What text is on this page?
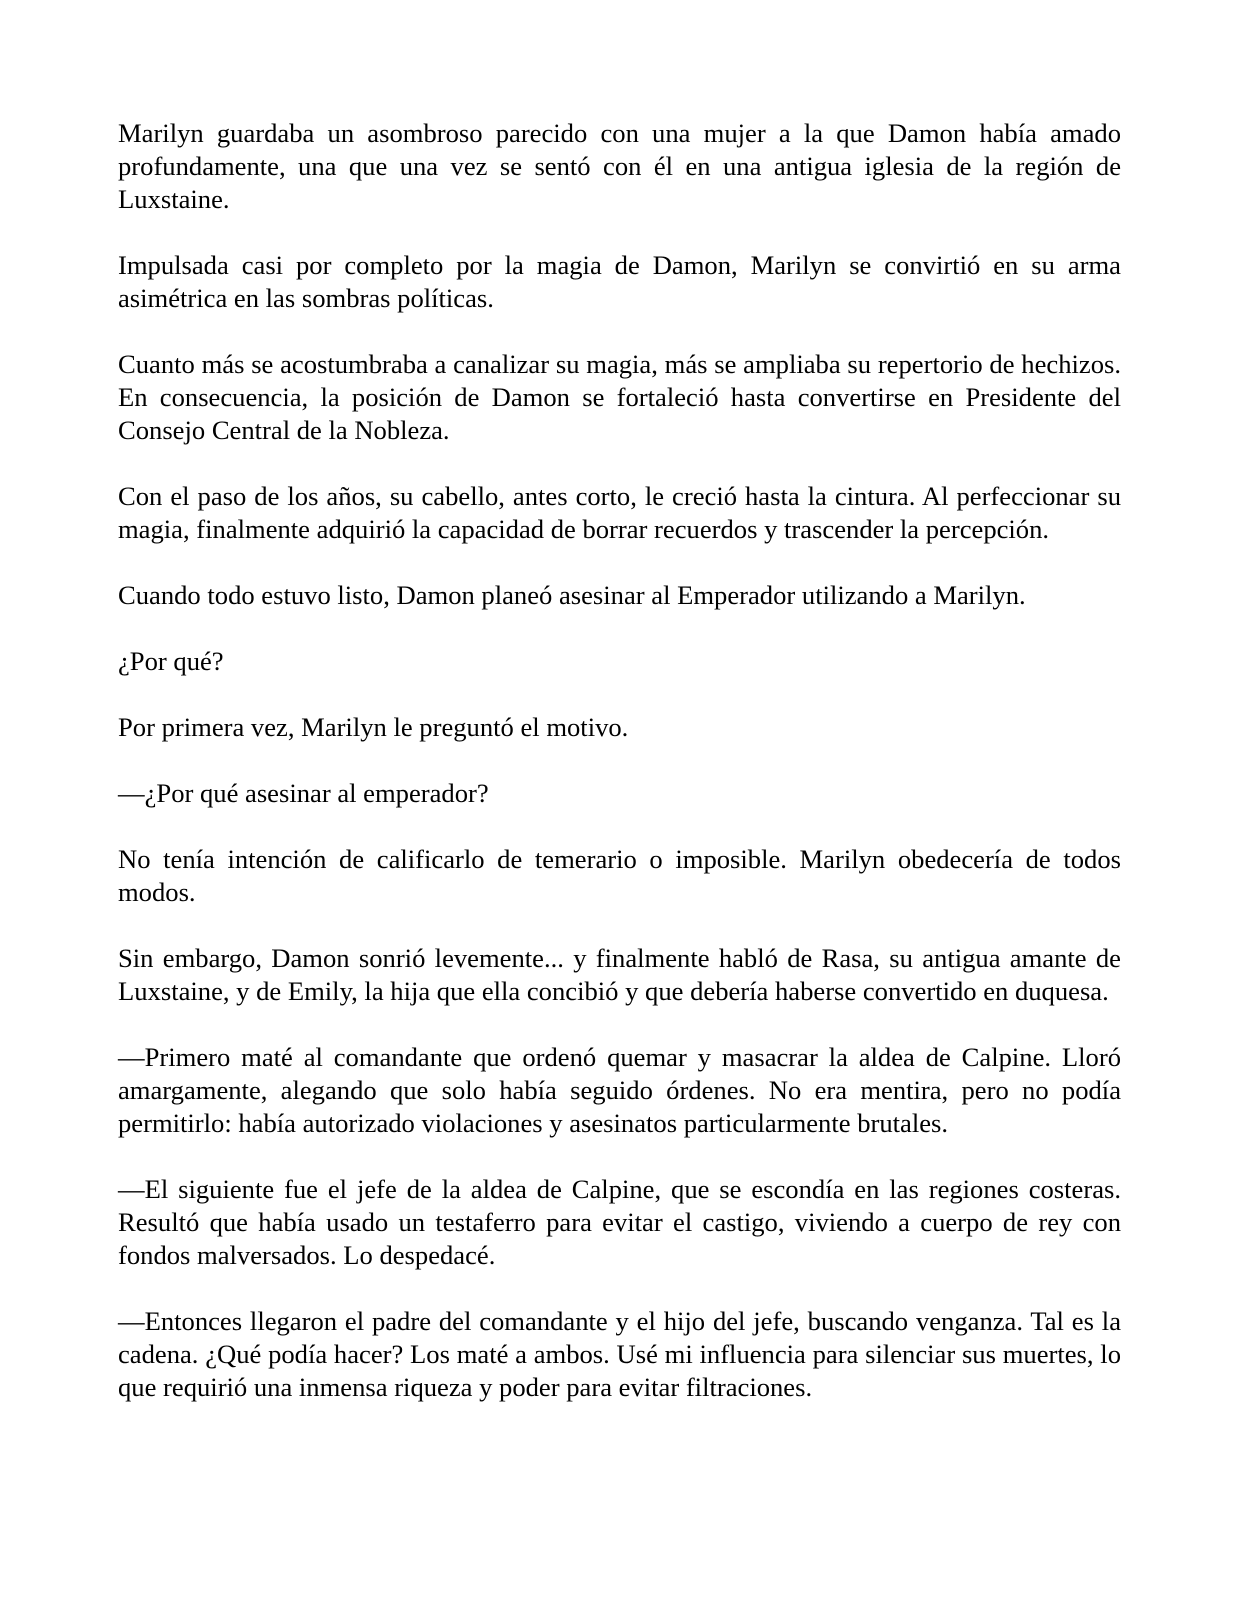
Marilyn guardaba un asombroso parecido con una mujer a la que Damon había amado profundamente, una que una vez se sentó con él en una antigua iglesia de la región de Luxstaine.

Impulsada casi por completo por la magia de Damon, Marilyn se convirtió en su arma asimétrica en las sombras políticas.

Cuanto más se acostumbraba a canalizar su magia, más se ampliaba su repertorio de hechizos. En consecuencia, la posición de Damon se fortaleció hasta convertirse en Presidente del Consejo Central de la Nobleza.

Con el paso de los años, su cabello, antes corto, le creció hasta la cintura. Al perfeccionar su magia, finalmente adquirió la capacidad de borrar recuerdos y trascender la percepción.

Cuando todo estuvo listo, Damon planeó asesinar al Emperador utilizando a Marilyn.

¿Por qué?

Por primera vez, Marilyn le preguntó el motivo.

—¿Por qué asesinar al emperador?

No tenía intención de calificarlo de temerario o imposible. Marilyn obedecería de todos modos.

Sin embargo, Damon sonrió levemente... y finalmente habló de Rasa, su antigua amante de Luxstaine, y de Emily, la hija que ella concibió y que debería haberse convertido en duquesa.

—Primero maté al comandante que ordenó quemar y masacrar la aldea de Calpine. Lloró amargamente, alegando que solo había seguido órdenes. No era mentira, pero no podía permitirlo: había autorizado violaciones y asesinatos particularmente brutales.

—El siguiente fue el jefe de la aldea de Calpine, que se escondía en las regiones costeras. Resultó que había usado un testaferro para evitar el castigo, viviendo a cuerpo de rey con fondos malversados. Lo despedacé.

—Entonces llegaron el padre del comandante y el hijo del jefe, buscando venganza. Tal es la cadena. ¿Qué podía hacer? Los maté a ambos. Usé mi influencia para silenciar sus muertes, lo que requirió una inmensa riqueza y poder para evitar filtraciones.
